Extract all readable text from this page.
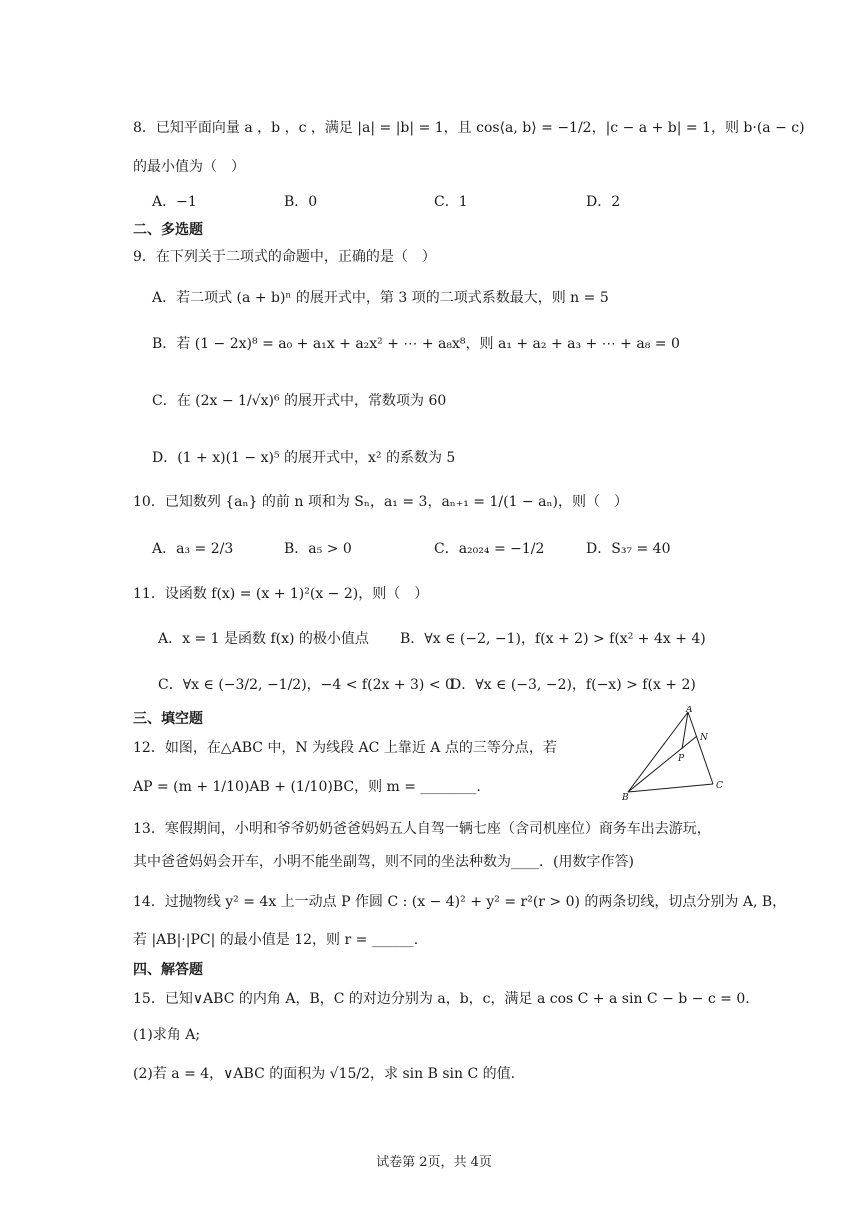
8．已知平面向量 a ，b ，c ，满足 |a| = |b| = 1，且 cos⟨a, b⟩ = −1/2，|c − a + b| = 1，则 b·(a − c)
的最小值为（　）
A．−1	B．0	C．1	D．2
二、多选题
9．在下列关于二项式的命题中，正确的是（　）
A．若二项式 (a + b)ⁿ 的展开式中，第 3 项的二项式系数最大，则 n = 5
B．若 (1 − 2x)⁸ = a₀ + a₁x + a₂x² + ⋯ + a₈x⁸，则 a₁ + a₂ + a₃ + ⋯ + a₈ = 0
C．在 (2x − 1/√x)⁶ 的展开式中，常数项为 60
D．(1 + x)(1 − x)⁵ 的展开式中，x² 的系数为 5
10．已知数列 {aₙ} 的前 n 项和为 Sₙ，a₁ = 3，aₙ₊₁ = 1/(1 − aₙ)，则（　）
A．a₃ = 2/3	B．a₅ > 0	C．a₂₀₂₄ = −1/2	D．S₃₇ = 40
11．设函数 f(x) = (x + 1)²(x − 2)，则（　）
A．x = 1 是函数 f(x) 的极小值点 B．∀x ∈ (−2, −1)，f(x + 2) > f(x² + 4x + 4)
C．∀x ∈ (−3/2, −1/2)，−4 < f(2x + 3) < 0
D．∀x ∈ (−3, −2)，f(−x) > f(x + 2)
三、填空题
12．如图，在△ABC 中，N 为线段 AC 上靠近 A 点的三等分点，若
AP = (m + 1/10)AB + (1/10)BC，则 m = ________.
A
N
P
B
C
13．寒假期间，小明和爷爷奶奶爸爸妈妈五人自驾一辆七座（含司机座位）商务车出去游玩，
其中爸爸妈妈会开车，小明不能坐副驾，则不同的坐法种数为____．(用数字作答)
14．过抛物线 y² = 4x 上一动点 P 作圆 C : (x − 4)² + y² = r²(r > 0) 的两条切线，切点分别为 A, B，
若 |AB|·|PC| 的最小值是 12，则 r = ______.
四、解答题
15．已知∨ABC 的内角 A，B，C 的对边分别为 a，b，c，满足 a cos C + a sin C − b − c = 0.
(1)求角 A;
(2)若 a = 4，∨ABC 的面积为 √15/2，求 sin B sin C 的值.
试卷第 2页，共 4页
